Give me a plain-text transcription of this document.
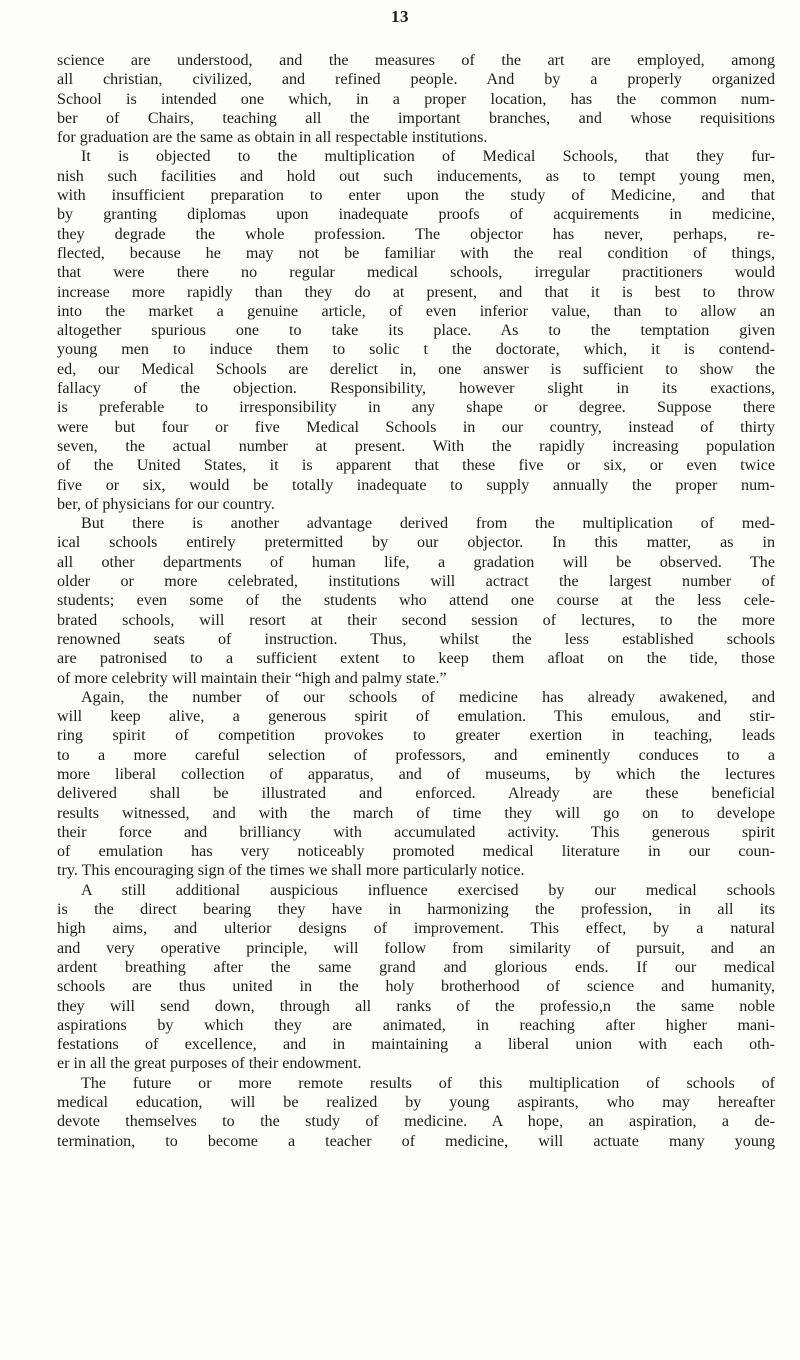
13
science are understood, and the measures of the art are employed, among
all christian, civilized, and refined people. And by a properly organized
School is intended one which, in a proper location, has the common num-
ber of Chairs, teaching all the important branches, and whose requisitions
for graduation are the same as obtain in all respectable institutions.
It is objected to the multiplication of Medical Schools, that they fur-
nish such facilities and hold out such inducements, as to tempt young men,
with insufficient preparation to enter upon the study of Medicine, and that
by granting diplomas upon inadequate proofs of acquirements in medicine,
they degrade the whole profession. The objector has never, perhaps, re-
flected, because he may not be familiar with the real condition of things,
that were there no regular medical schools, irregular practitioners would
increase more rapidly than they do at present, and that it is best to throw
into the market a genuine article, of even inferior value, than to allow an
altogether spurious one to take its place. As to the temptation given
young men to induce them to solic t the doctorate, which, it is contend-
ed, our Medical Schools are derelict in, one answer is sufficient to show the
fallacy of the objection. Responsibility, however slight in its exactions,
is preferable to irresponsibility in any shape or degree. Suppose there
were but four or five Medical Schools in our country, instead of thirty
seven, the actual number at present. With the rapidly increasing population
of the United States, it is apparent that these five or six, or even twice
five or six, would be totally inadequate to supply annually the proper num-
ber, of physicians for our country.
But there is another advantage derived from the multiplication of med-
ical schools entirely pretermitted by our objector. In this matter, as in
all other departments of human life, a gradation will be observed. The
older or more celebrated, institutions will actract the largest number of
students; even some of the students who attend one course at the less cele-
brated schools, will resort at their second session of lectures, to the more
renowned seats of instruction. Thus, whilst the less established schools
are patronised to a sufficient extent to keep them afloat on the tide, those
of more celebrity will maintain their “high and palmy state.”
Again, the number of our schools of medicine has already awakened, and
will keep alive, a generous spirit of emulation. This emulous, and stir-
ring spirit of competition provokes to greater exertion in teaching, leads
to a more careful selection of professors, and eminently conduces to a
more liberal collection of apparatus, and of museums, by which the lectures
delivered shall be illustrated and enforced. Already are these beneficial
results witnessed, and with the march of time they will go on to develope
their force and brilliancy with accumulated activity. This generous spirit
of emulation has very noticeably promoted medical literature in our coun-
try. This encouraging sign of the times we shall more particularly notice.
A still additional auspicious influence exercised by our medical schools
is the direct bearing they have in harmonizing the profession, in all its
high aims, and ulterior designs of improvement. This effect, by a natural
and very operative principle, will follow from similarity of pursuit, and an
ardent breathing after the same grand and glorious ends. If our medical
schools are thus united in the holy brotherhood of science and humanity,
they will send down, through all ranks of the professio,n the same noble
aspirations by which they are animated, in reaching after higher mani-
festations of excellence, and in maintaining a liberal union with each oth-
er in all the great purposes of their endowment.
The future or more remote results of this multiplication of schools of
medical education, will be realized by young aspirants, who may hereafter
devote themselves to the study of medicine. A hope, an aspiration, a de-
termination, to become a teacher of medicine, will actuate many young
